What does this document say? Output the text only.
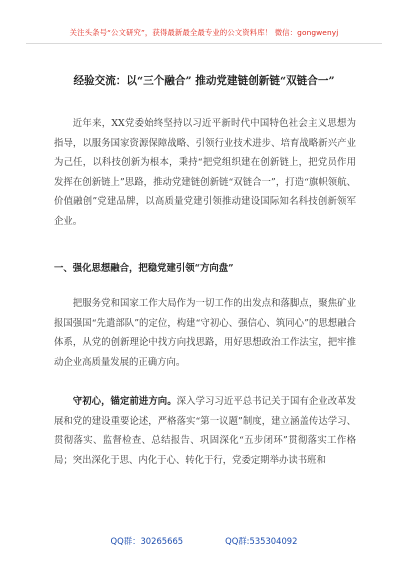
关注头条号“公文研究”，获得最新最全最专业的公文资料库！ 微信：gongwenyj
经验交流：以“三个融合” 推动党建链创新链“双链合一”

近年来，XX党委始终坚持以习近平新时代中国特色社会主义思想为指导，以服务国家资源保障战略、引领行业技术进步、培育战略新兴产业为己任，以科技创新为根本，秉持“把党组织建在创新链上，把党员作用发挥在创新链上”思路，推动党建链创新链“双链合一”，打造“旗帜领航、价值融创”党建品牌，以高质量党建引领推动建设国际知名科技创新领军企业。

一、强化思想融合，把稳党建引领“方向盘”

把服务党和国家工作大局作为一切工作的出发点和落脚点，聚焦矿业报国强国“先遣部队”的定位，构建“守初心、强信心、筑同心”的思想融合体系，从党的创新理论中找方向找思路，用好思想政治工作法宝，把牢推动企业高质量发展的正确方向。

守初心，锚定前进方向。深入学习习近平总书记关于国有企业改革发展和党的建设重要论述，严格落实“第一议题”制度，建立涵盖传达学习、贯彻落实、监督检查、总结报告、巩固深化“五步闭环”贯彻落实工作格局；突出深化于思、内化于心、转化于行，党委定期举办读书班和

QQ群：30265665	QQ群:535304092
